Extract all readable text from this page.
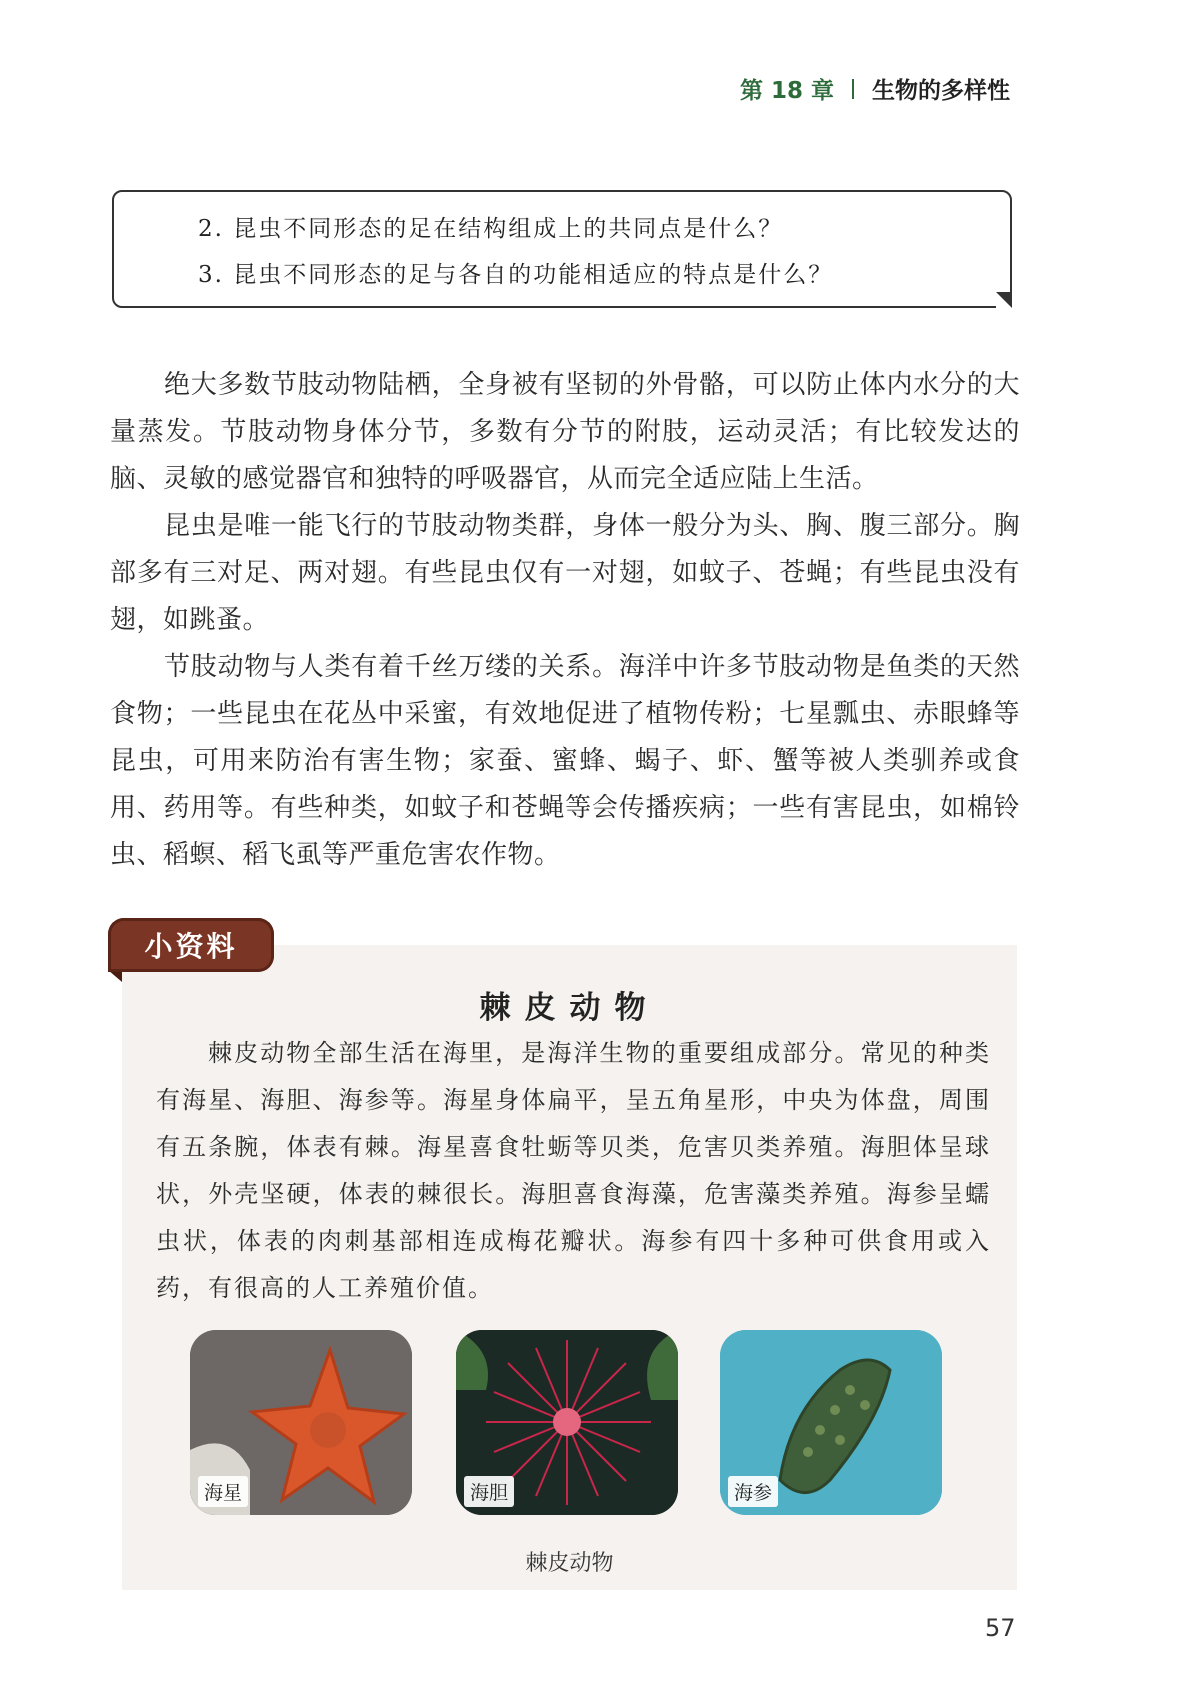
第 18 章 生物的多样性
2. 昆虫不同形态的足在结构组成上的共同点是什么？
3. 昆虫不同形态的足与各自的功能相适应的特点是什么？

绝大多数节肢动物陆栖，全身被有坚韧的外骨骼，可以防止体内水分的大量蒸发。节肢动物身体分节，多数有分节的附肢，运动灵活；有比较发达的脑、灵敏的感觉器官和独特的呼吸器官，从而完全适应陆上生活。

昆虫是唯一能飞行的节肢动物类群，身体一般分为头、胸、腹三部分。胸部多有三对足、两对翅。有些昆虫仅有一对翅，如蚊子、苍蝇；有些昆虫没有翅，如跳蚤。

节肢动物与人类有着千丝万缕的关系。海洋中许多节肢动物是鱼类的天然食物；一些昆虫在花丛中采蜜，有效地促进了植物传粉；七星瓢虫、赤眼蜂等昆虫，可用来防治有害生物；家蚕、蜜蜂、蝎子、虾、蟹等被人类驯养或食用、药用等。有些种类，如蚊子和苍蝇等会传播疾病；一些有害昆虫，如棉铃虫、稻螟、稻飞虱等严重危害农作物。

小资料
棘皮动物
棘皮动物全部生活在海里，是海洋生物的重要组成部分。常见的种类有海星、海胆、海参等。海星身体扁平，呈五角星形，中央为体盘，周围有五条腕，体表有棘。海星喜食牡蛎等贝类，危害贝类养殖。海胆体呈球状，外壳坚硬，体表的棘很长。海胆喜食海藻，危害藻类养殖。海参呈蠕虫状，体表的肉刺基部相连成梅花瓣状。海参有四十多种可供食用或入药，有很高的人工养殖价值。
海星	海胆	海参
棘皮动物
57
